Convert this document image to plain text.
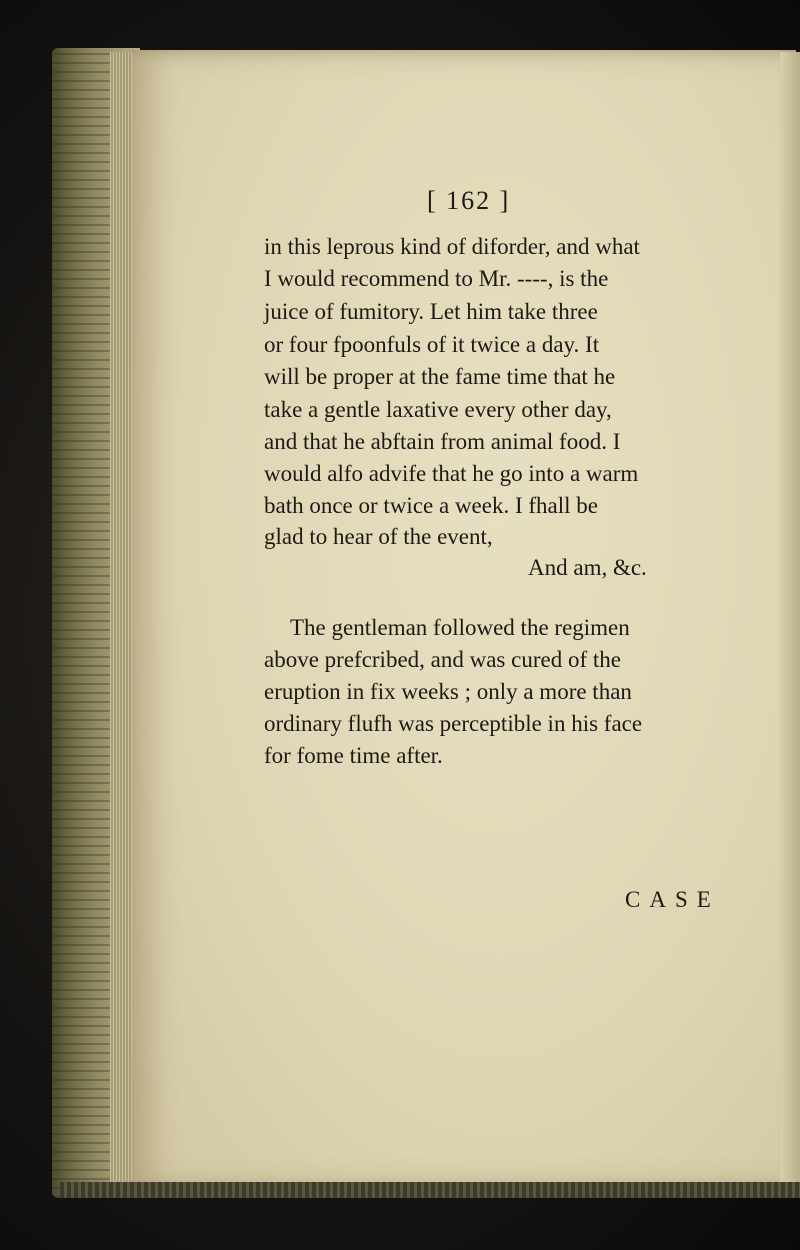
[ 162 ]
in this leprous kind of diforder, and what
I would recommend to Mr. ----, is the
juice of fumitory. Let him take three
or four fpoonfuls of it twice a day. It
will be proper at the fame time that he
take a gentle laxative every other day,
and that he abftain from animal food. I
would alfo advife that he go into a warm
bath once or twice a week. I fhall be
glad to hear of the event,
And am, &c.
The gentleman followed the regimen
above prefcribed, and was cured of the
eruption in fix weeks ; only a more than
ordinary flufh was perceptible in his face
for fome time after.
CASE
